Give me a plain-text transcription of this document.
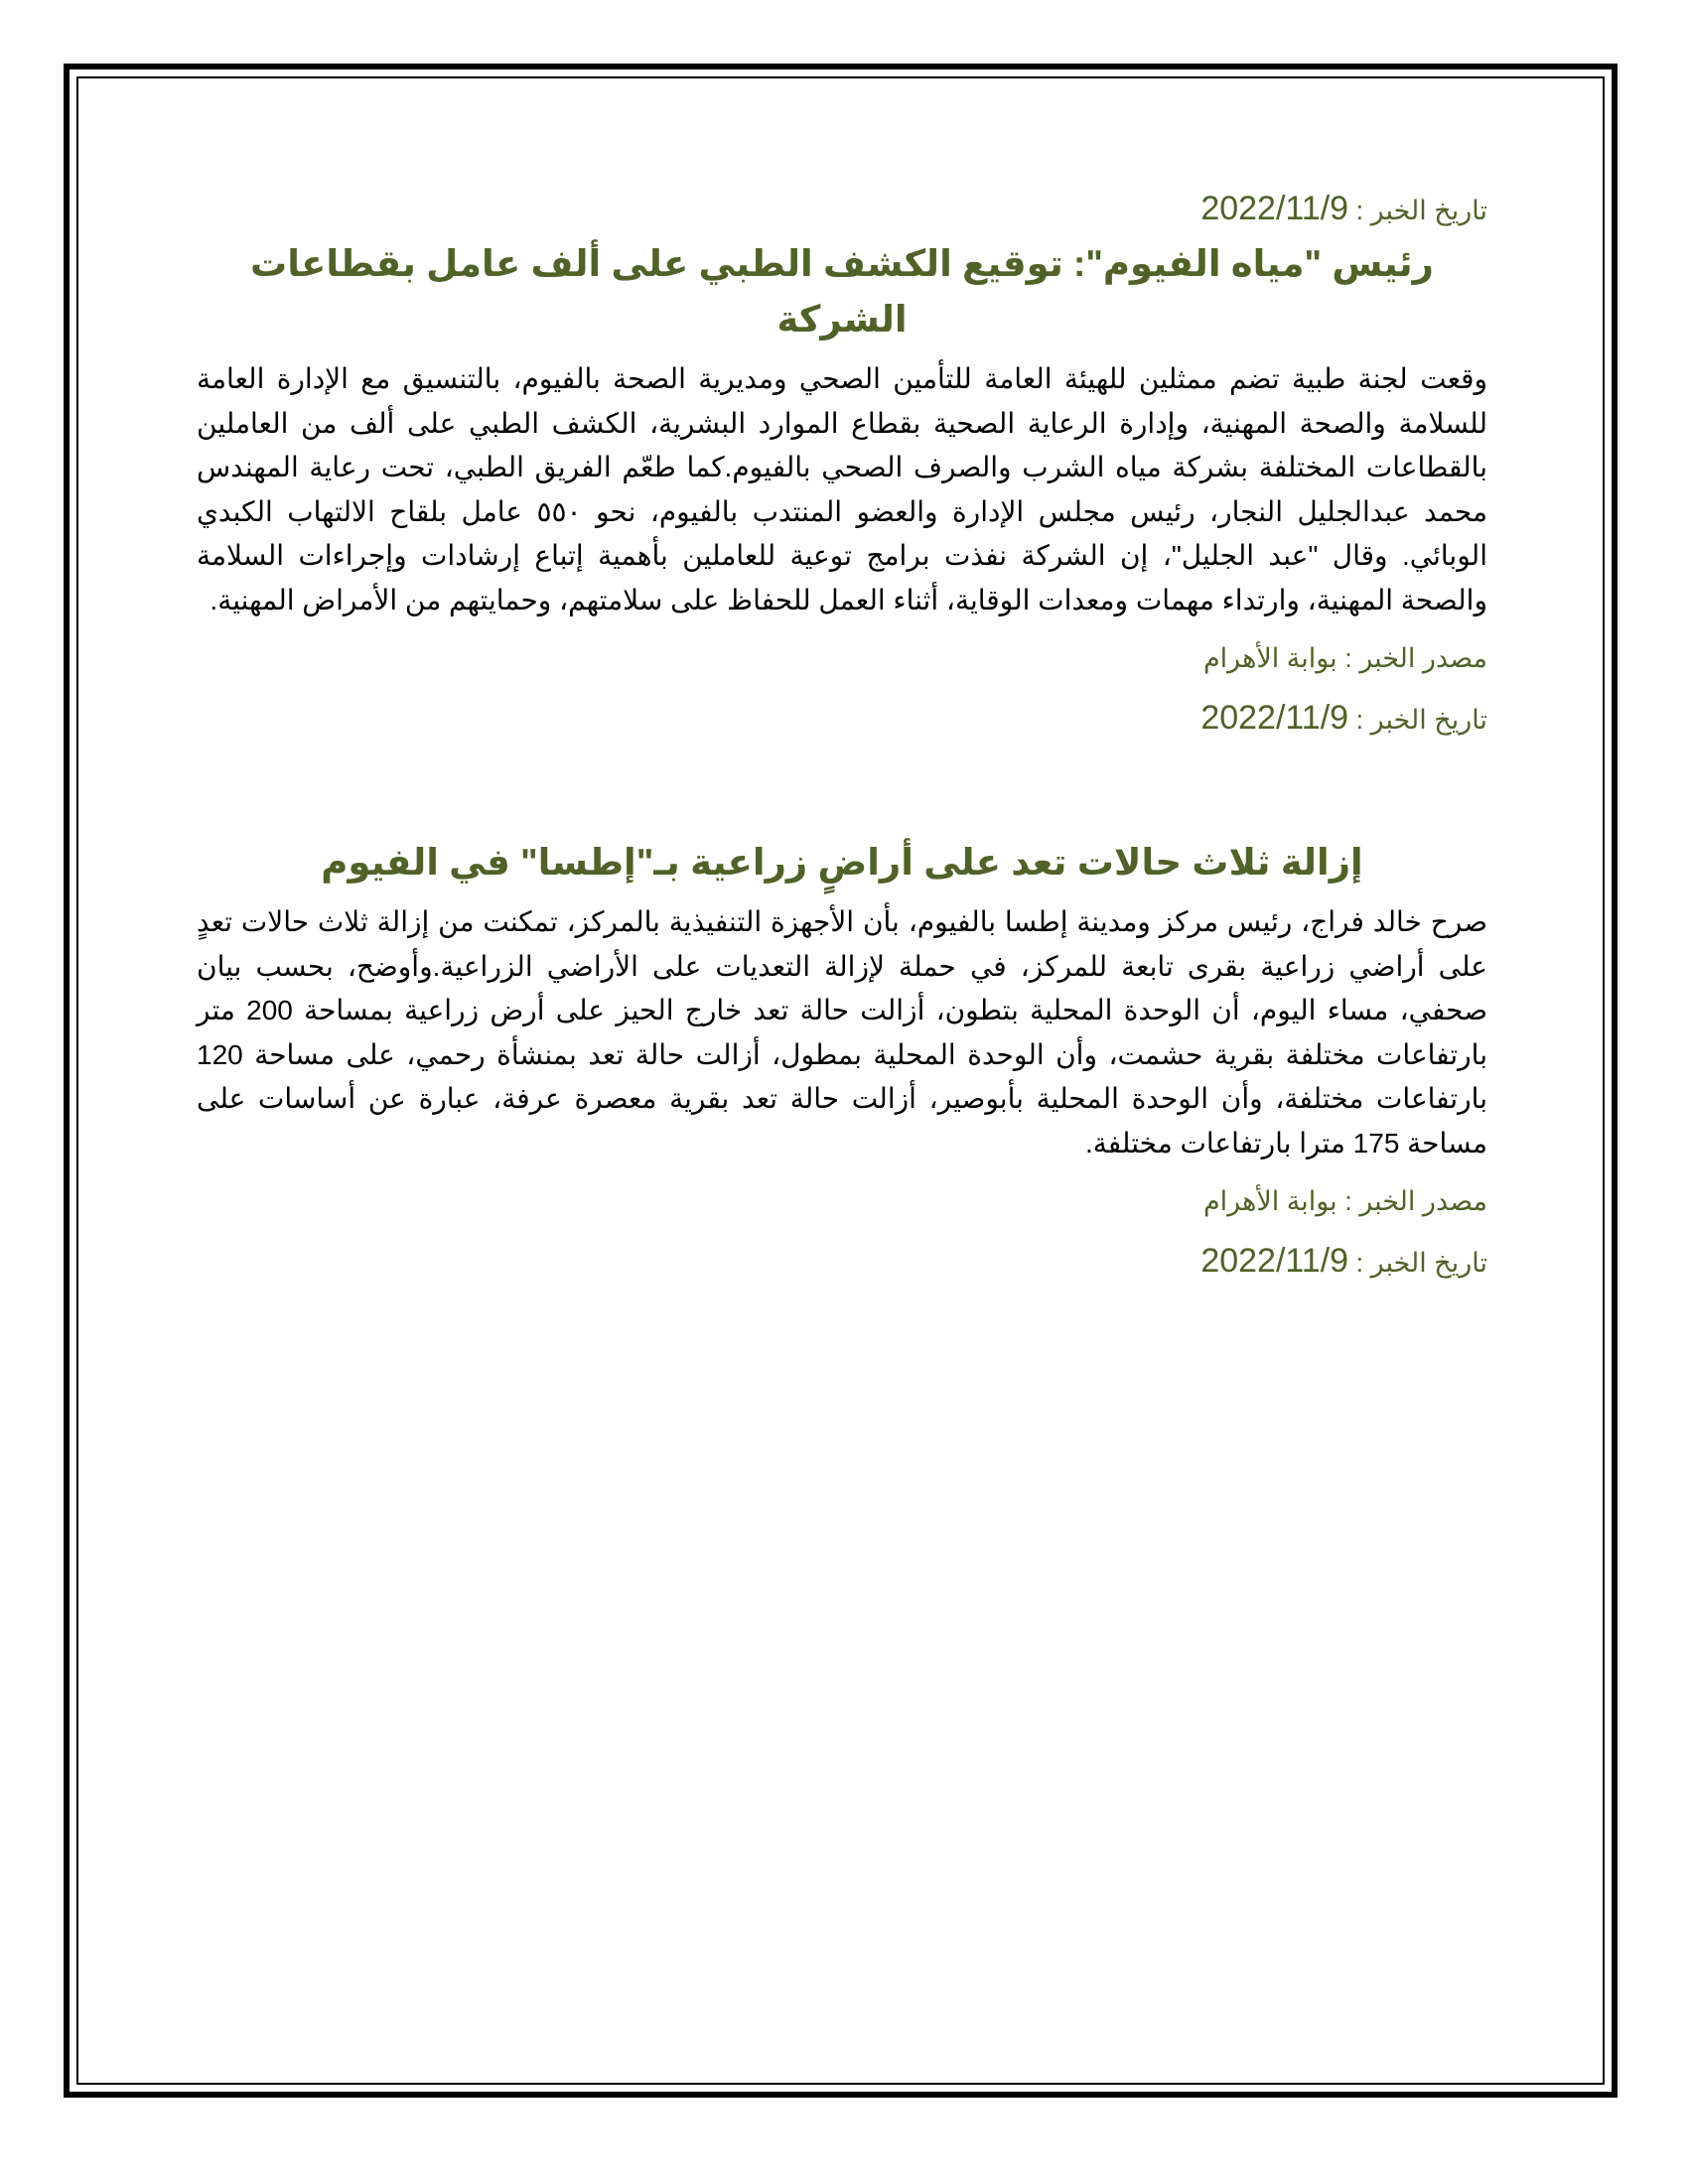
تاريخ الخبر : 2022/11/9

رئيس "مياه الفيوم": توقيع الكشف الطبي على ألف عامل بقطاعات الشركة

وقعت لجنة طبية تضم ممثلين للهيئة العامة للتأمين الصحي ومديرية الصحة بالفيوم، بالتنسيق مع الإدارة العامة للسلامة والصحة المهنية، وإدارة الرعاية الصحية بقطاع الموارد البشرية، الكشف الطبي على ألف من العاملين بالقطاعات المختلفة بشركة مياه الشرب والصرف الصحي بالفيوم.كما طعّم الفريق الطبي، تحت رعاية المهندس محمد عبدالجليل النجار، رئيس مجلس الإدارة والعضو المنتدب بالفيوم، نحو ٥٥٠ عامل بلقاح الالتهاب الكبدي الوبائي. وقال "عبد الجليل"، إن الشركة نفذت برامج توعية للعاملين بأهمية إتباع إرشادات وإجراءات السلامة والصحة المهنية، وارتداء مهمات ومعدات الوقاية، أثناء العمل للحفاظ على سلامتهم، وحمايتهم من الأمراض المهنية.

مصدر الخبر : بوابة الأهرام

تاريخ الخبر : 2022/11/9

إزالة ثلاث حالات تعد على أراضٍ زراعية بـ"إطسا" في الفيوم

صرح خالد فراج، رئيس مركز ومدينة إطسا بالفيوم، بأن الأجهزة التنفيذية بالمركز، تمكنت من إزالة ثلاث حالات تعدٍ على أراضي زراعية بقرى تابعة للمركز، في حملة لإزالة التعديات على الأراضي الزراعية.وأوضح، بحسب بيان صحفي، مساء اليوم، أن الوحدة المحلية بتطون، أزالت حالة تعد خارج الحيز على أرض زراعية بمساحة 200 متر بارتفاعات مختلفة بقرية حشمت، وأن الوحدة المحلية بمطول، أزالت حالة تعد بمنشأة رحمي، على مساحة 120 بارتفاعات مختلفة، وأن الوحدة المحلية بأبوصير، أزالت حالة تعد بقرية معصرة عرفة، عبارة عن أساسات على مساحة 175 مترا بارتفاعات مختلفة.

مصدر الخبر : بوابة الأهرام

تاريخ الخبر : 2022/11/9
